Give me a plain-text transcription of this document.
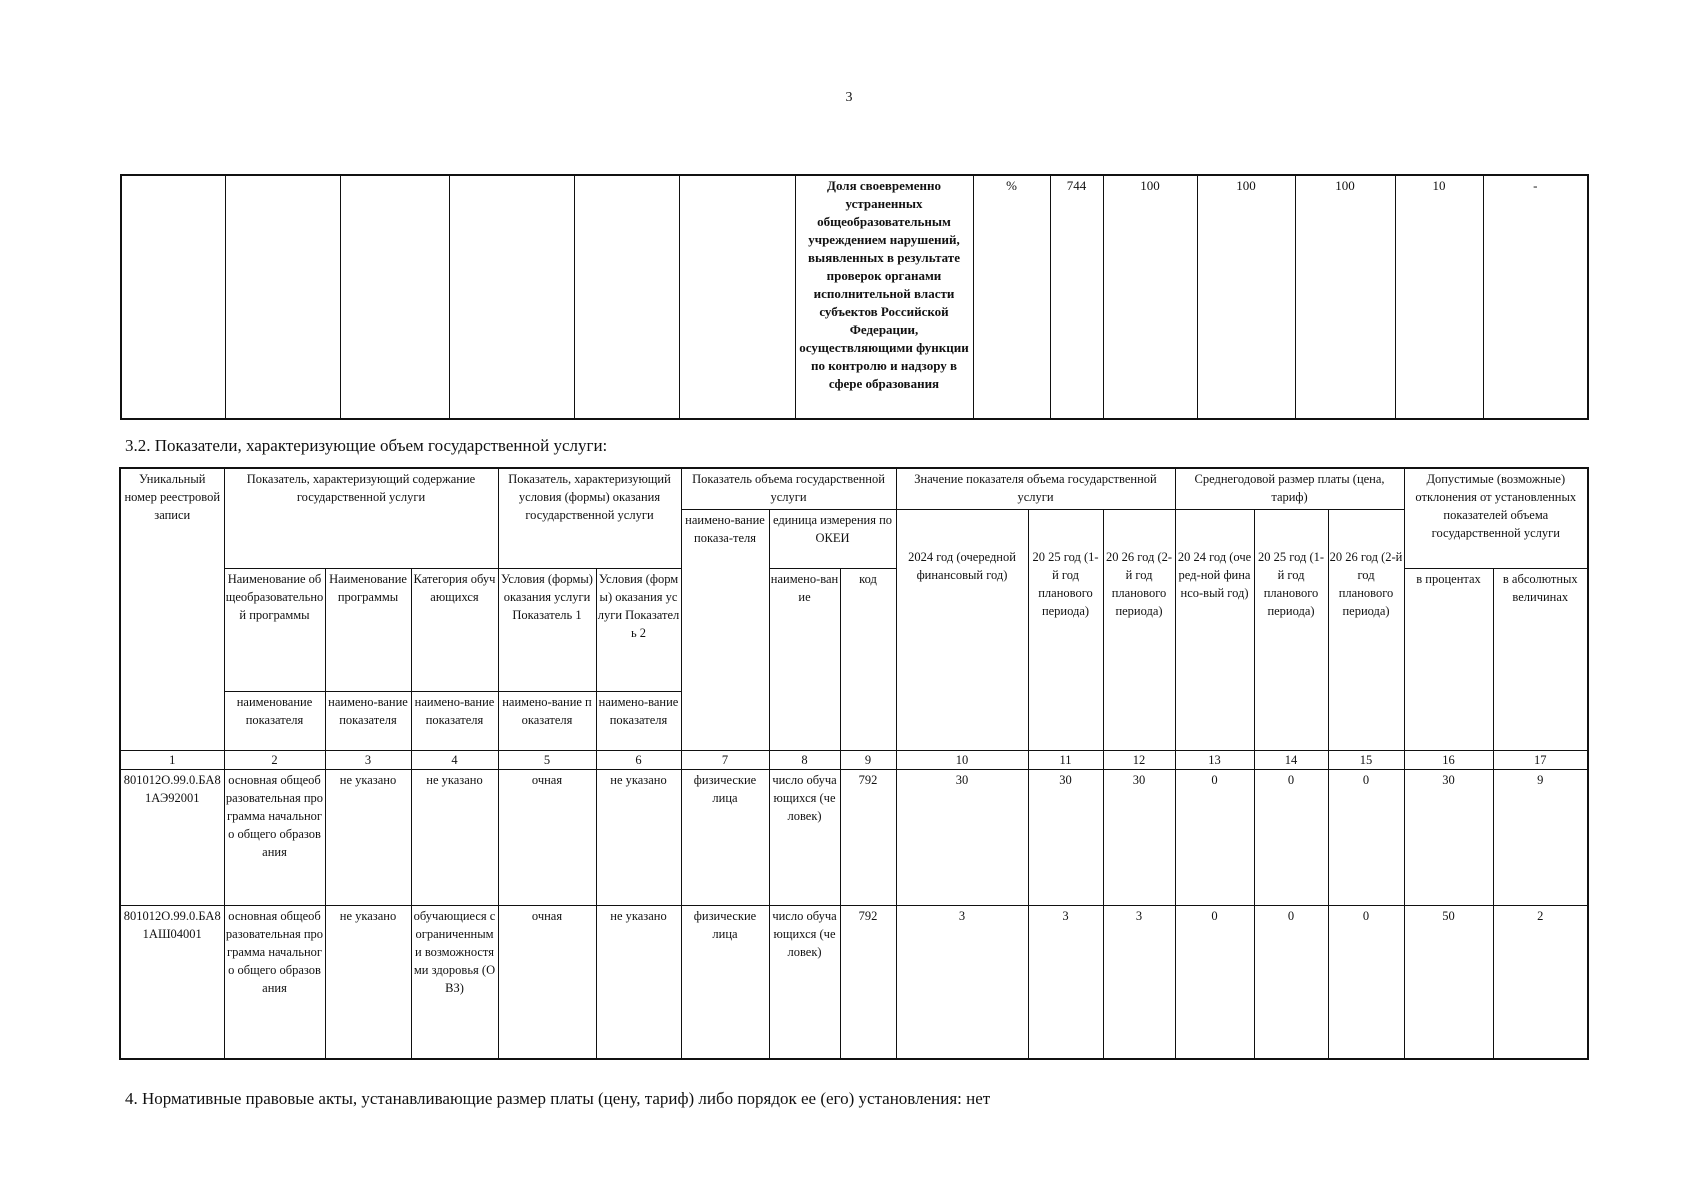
3
						Доля своевременно устраненных общеобразовательным учреждением нарушений, выявленных в результате проверок органами исполнительной власти субъектов Российской Федерации, осуществляющими функции по контролю и надзору в сфере образования	%	744	100	100	100	10	-
3.2. Показатели, характеризующие объем государственной услуги:
Уникальный номер реестровой записи	Показатель, характеризующий содержание государственной услуги			Показатель, характеризующий условия (формы) оказания государственной услуги		Показатель объема государственной услуги			Значение показателя объема государственной услуги			Среднегодовой размер платы (цена, тариф)			Допустимые (возможные) отклонения от установленных показателей объема государственной услуги	
						наимено-вание показа-теля	единица измерения по ОКЕИ		2024 год (очередной финансовый год)	20 25 год (1-й год планового периода)	20 26 год (2-й год планового периода)	20 24 год (очеред-ной финансо-вый год)	20 25 год (1-й год планового периода)	20 26 год (2-й год планового периода)		
	Наименование общеобразовательной программы	Наименование программы	Категория обучающихся	Условия (формы) оказания услуги Показатель 1	Условия (формы) оказания услуги Показатель 2		наимено-вание	код							в процентах	в абсолютных величинах
	наименование показателя	наимено-вание показателя	наимено-вание показателя	наимено-вание показателя	наимено-вание показателя											
1	2	3	4	5	6	7	8	9	10	11	12	13	14	15	16	17
801012О.99.0.БА81АЭ92001	основная общеобразовательная программа начального общего образования	не указано	не указано	очная	не указано	физические лица	число обучающихся (человек)	792	30	30	30	0	0	0	30	9
801012О.99.0.БА81АШ04001	основная общеобразовательная программа начального общего образования	не указано	обучающиеся с ограниченными возможностями здоровья (ОВЗ)	очная	не указано	физические лица	число обучающихся (человек)	792	3	3	3	0	0	0	50	2
4. Нормативные правовые акты, устанавливающие размер платы (цену, тариф) либо порядок ее (его) установления: нет
